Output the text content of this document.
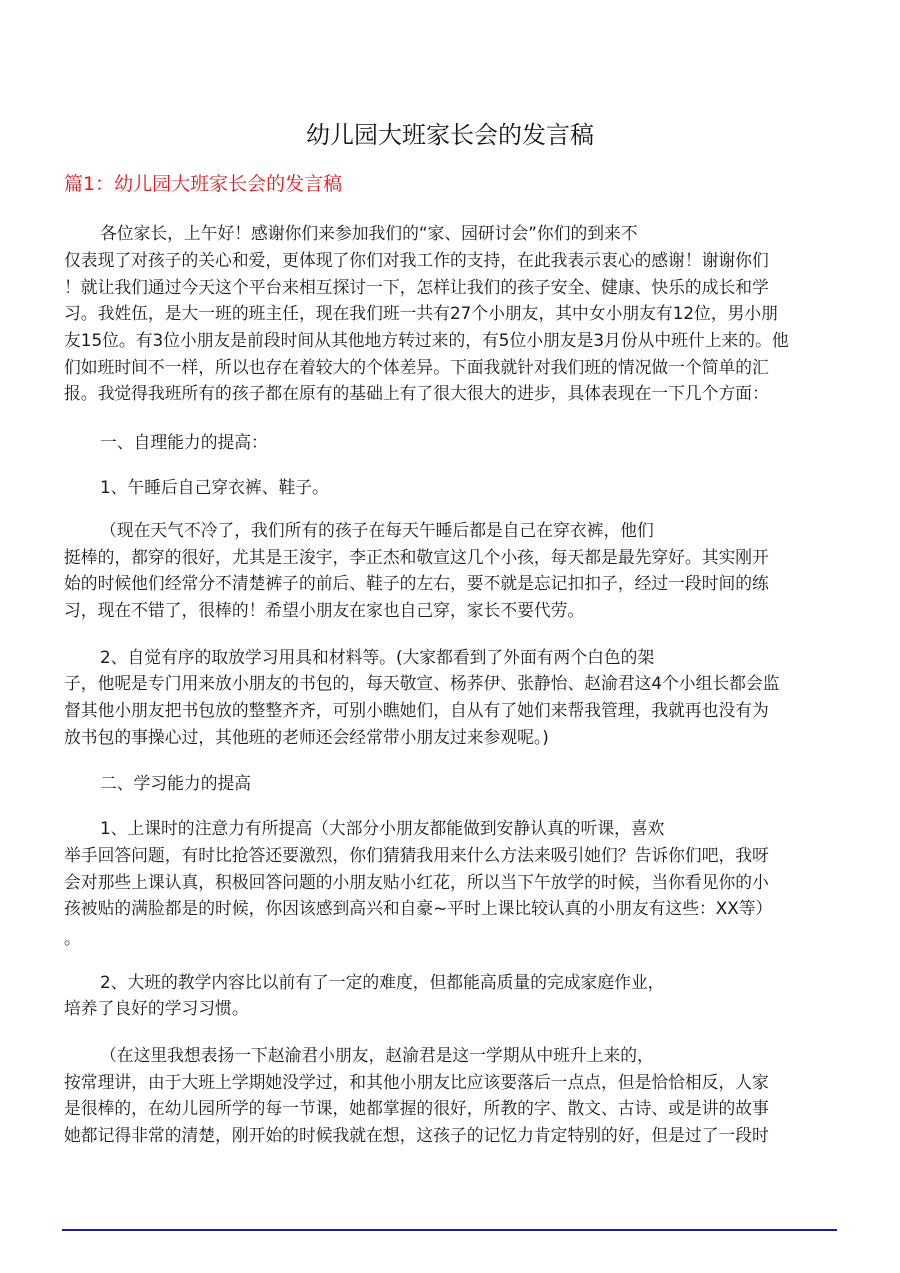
幼儿园大班家长会的发言稿
篇1：幼儿园大班家长会的发言稿
各位家长，上午好！感谢你们来参加我们的“家、园研讨会”你们的到来不
仅表现了对孩子的关心和爱，更体现了你们对我工作的支持，在此我表示衷心的感谢！谢谢你们
！就让我们通过今天这个平台来相互探讨一下，怎样让我们的孩子安全、健康、快乐的成长和学
习。我姓伍，是大一班的班主任，现在我们班一共有27个小朋友，其中女小朋友有12位，男小朋
友15位。有3位小朋友是前段时间从其他地方转过来的，有5位小朋友是3月份从中班什上来的。他
们如班时间不一样，所以也存在着较大的个体差异。下面我就针对我们班的情况做一个简单的汇
报。我觉得我班所有的孩子都在原有的基础上有了很大很大的进步，具体表现在一下几个方面：
一、自理能力的提高：
1、午睡后自己穿衣裤、鞋子。
（现在天气不冷了，我们所有的孩子在每天午睡后都是自己在穿衣裤，他们
挺棒的，都穿的很好，尤其是王浚宇，李正杰和敬宣这几个小孩，每天都是最先穿好。其实刚开
始的时候他们经常分不清楚裤子的前后、鞋子的左右，要不就是忘记扣扣子，经过一段时间的练
习，现在不错了，很棒的！希望小朋友在家也自己穿，家长不要代劳。
2、自觉有序的取放学习用具和材料等。(大家都看到了外面有两个白色的架
子，他呢是专门用来放小朋友的书包的，每天敬宣、杨荞伊、张静怡、赵渝君这4个小组长都会监
督其他小朋友把书包放的整整齐齐，可别小瞧她们，自从有了她们来帮我管理，我就再也没有为
放书包的事操心过，其他班的老师还会经常带小朋友过来参观呢。)
二、学习能力的提高
1、上课时的注意力有所提高（大部分小朋友都能做到安静认真的听课，喜欢
举手回答问题，有时比抢答还要激烈，你们猜猜我用来什么方法来吸引她们？告诉你们吧，我呀
会对那些上课认真，积极回答问题的小朋友贴小红花，所以当下午放学的时候，当你看见你的小
孩被贴的满脸都是的时候，你因该感到高兴和自豪~平时上课比较认真的小朋友有这些：XX等）
。
2、大班的教学内容比以前有了一定的难度，但都能高质量的完成家庭作业，
培养了良好的学习习惯。
（在这里我想表扬一下赵渝君小朋友，赵渝君是这一学期从中班升上来的，
按常理讲，由于大班上学期她没学过，和其他小朋友比应该要落后一点点，但是恰恰相反，人家
是很棒的，在幼儿园所学的每一节课，她都掌握的很好，所教的字、散文、古诗、或是讲的故事
她都记得非常的清楚，刚开始的时候我就在想，这孩子的记忆力肯定特别的好，但是过了一段时
